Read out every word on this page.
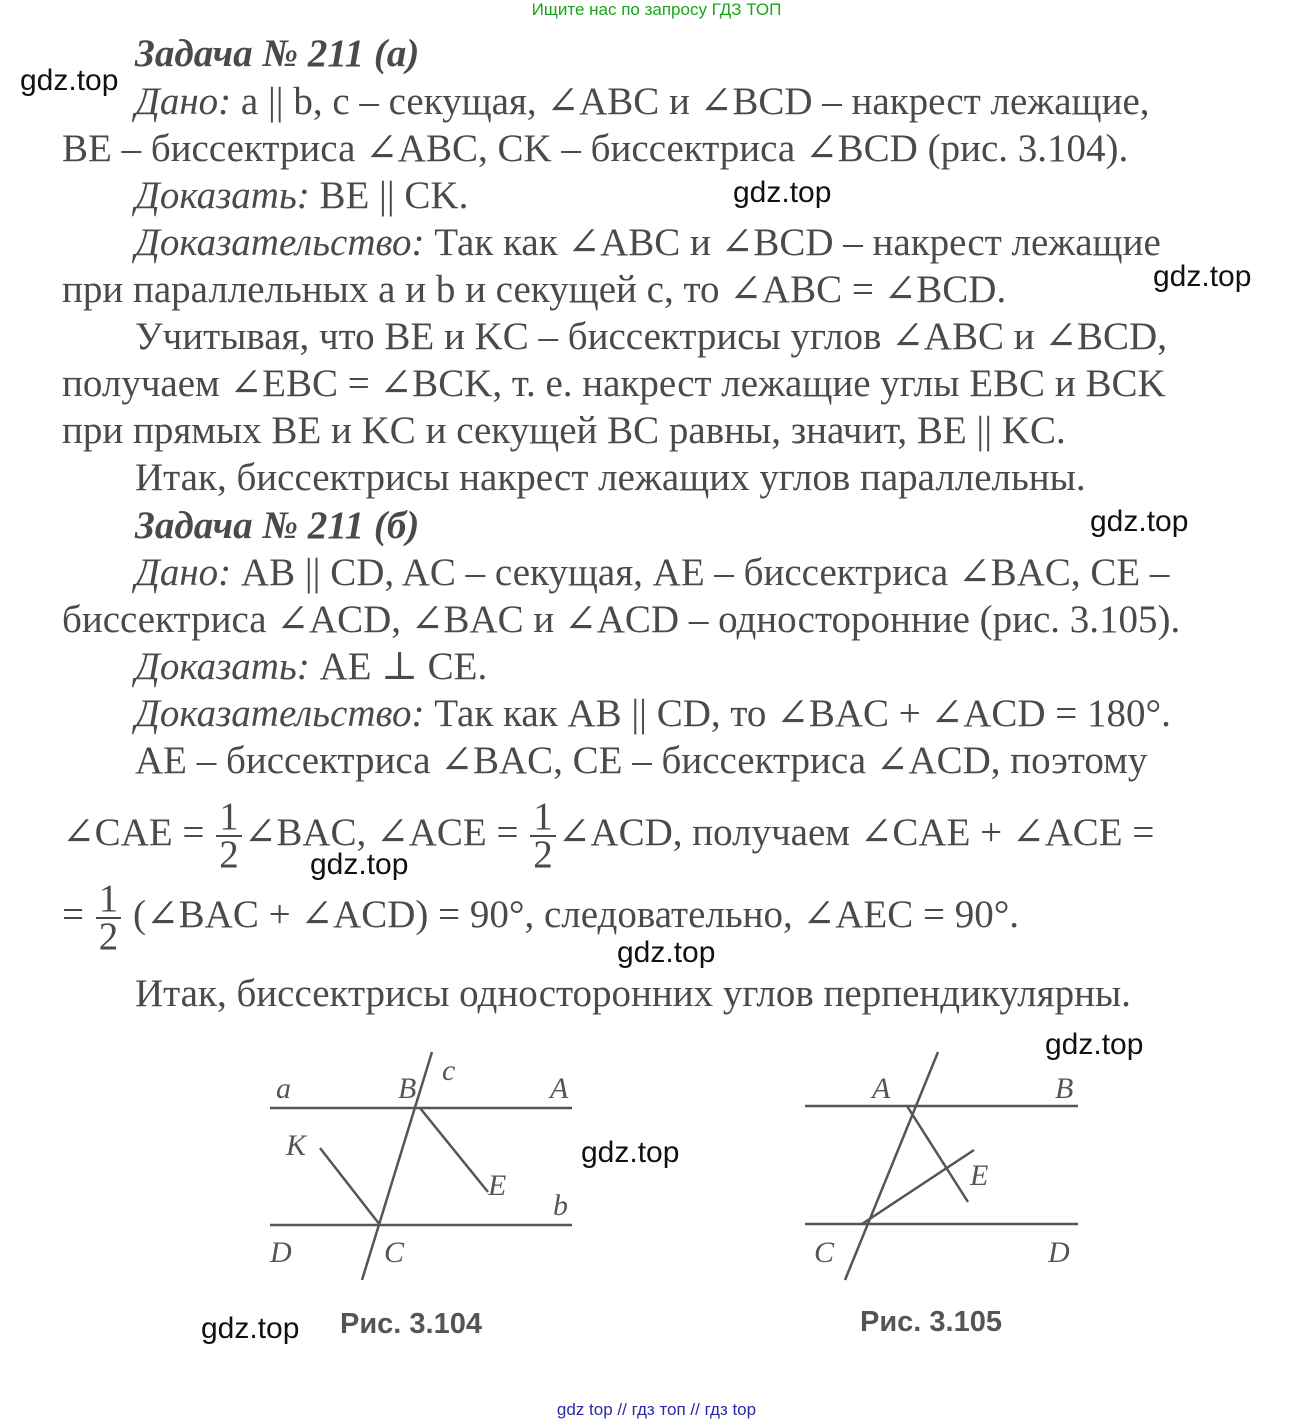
Ищите нас по запросу ГДЗ ТОП
Задача № 211 (а)
Дано: a || b, c – секущая, ∠ABC и ∠BCD – накрест лежащие,
BE – биссектриса ∠ABC, CK – биссектриса ∠BCD (рис. 3.104).
Доказать: BE || CK.
Доказательство: Так как ∠ABC и ∠BCD – накрест лежащие
при параллельных a и b и секущей c, то ∠ABC = ∠BCD.
Учитывая, что BE и KC – биссектрисы углов ∠ABC и ∠BCD,
получаем ∠EBC = ∠BCK, т. е. накрест лежащие углы EBC и BCK
при прямых BE и KC и секущей BC равны, значит, BE || KC.
Итак, биссектрисы накрест лежащих углов параллельны.
Задача № 211 (б)
Дано: AB || CD, AC – секущая, AE – биссектриса ∠BAC, CE –
биссектриса ∠ACD, ∠BAC и ∠ACD – односторонние (рис. 3.105).
Доказать: AE ⊥ CE.
Доказательство: Так как AB || CD, то ∠BAC + ∠ACD = 180°.
AE – биссектриса ∠BAC, CE – биссектриса ∠ACD, поэтому
∠CAE = $\frac{1}{2}$ ∠BAC, ∠ACE = $\frac{1}{2}$ ∠ACD, получаем ∠CAE + ∠ACE =
= $\frac{1}{2}$ (∠BAC + ∠ACD) = 90°, следовательно, ∠AEC = 90°.
Итак, биссектрисы односторонних углов перпендикулярны.
a	B
c
A
K
E
b
D	C
Рис. 3.104
A	B
E
C	D
Рис. 3.105
gdz.top
gdz.top
gdz.top
gdz.top
gdz.top
gdz.top
gdz.top
gdz.top
gdz.top
gdz top // гдз топ // гдз top
